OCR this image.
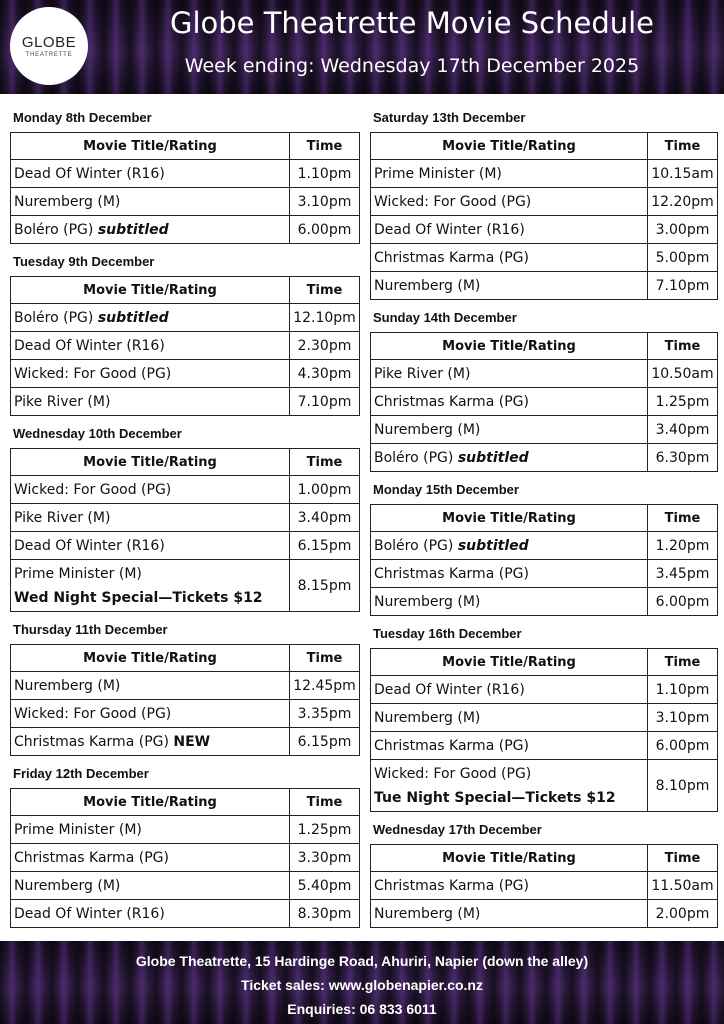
GLOBE
THEATRETTE
Globe Theatrette Movie Schedule
Week ending: Wednesday 17th December 2025
Monday 8th December
Movie Title/Rating	Time
Dead Of Winter (R16)	1.10pm
Nuremberg (M)	3.10pm
Boléro (PG) subtitled	6.00pm
Tuesday 9th December
Movie Title/Rating	Time
Boléro (PG) subtitled	12.10pm
Dead Of Winter (R16)	2.30pm
Wicked: For Good (PG)	4.30pm
Pike River (M)	7.10pm
Wednesday 10th December
Movie Title/Rating	Time
Wicked: For Good (PG)	1.00pm
Pike River (M)	3.40pm
Dead Of Winter (R16)	6.15pm
Prime Minister (M)
Wed Night Special—Tickets $12	8.15pm
Thursday 11th December
Movie Title/Rating	Time
Nuremberg (M)	12.45pm
Wicked: For Good (PG)	3.35pm
Christmas Karma (PG) NEW	6.15pm
Friday 12th December
Movie Title/Rating	Time
Prime Minister (M)	1.25pm
Christmas Karma (PG)	3.30pm
Nuremberg (M)	5.40pm
Dead Of Winter (R16)	8.30pm
Saturday 13th December
Movie Title/Rating	Time
Prime Minister (M)	10.15am
Wicked: For Good (PG)	12.20pm
Dead Of Winter (R16)	3.00pm
Christmas Karma (PG)	5.00pm
Nuremberg (M)	7.10pm
Sunday 14th December
Movie Title/Rating	Time
Pike River (M)	10.50am
Christmas Karma (PG)	1.25pm
Nuremberg (M)	3.40pm
Boléro (PG) subtitled	6.30pm
Monday 15th December
Movie Title/Rating	Time
Boléro (PG) subtitled	1.20pm
Christmas Karma (PG)	3.45pm
Nuremberg (M)	6.00pm
Tuesday 16th December
Movie Title/Rating	Time
Dead Of Winter (R16)	1.10pm
Nuremberg (M)	3.10pm
Christmas Karma (PG)	6.00pm
Wicked: For Good (PG)
Tue Night Special—Tickets $12	8.10pm
Wednesday 17th December
Movie Title/Rating	Time
Christmas Karma (PG)	11.50am
Nuremberg (M)	2.00pm
Globe Theatrette, 15 Hardinge Road, Ahuriri, Napier (down the alley)
Ticket sales: www.globenapier.co.nz
Enquiries: 06 833 6011
